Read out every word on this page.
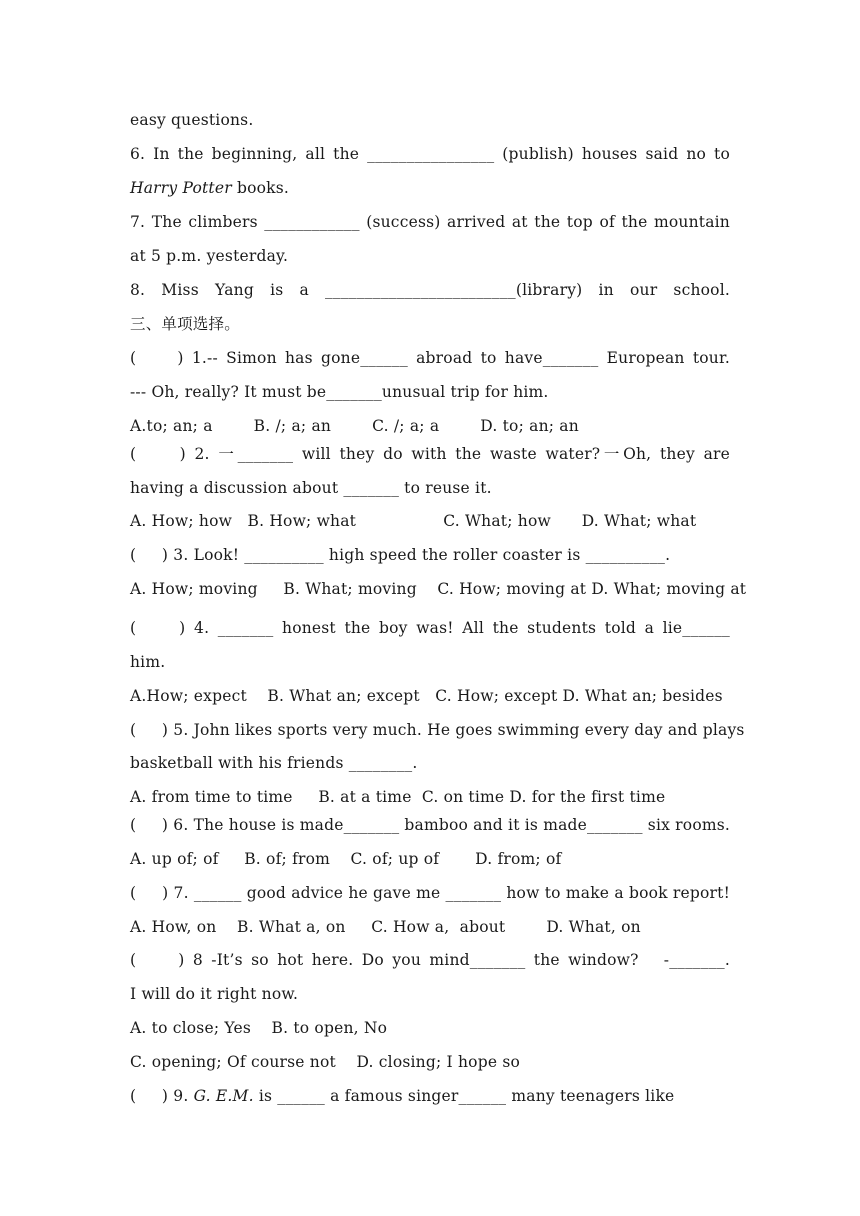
easy questions.
6. In the beginning, all the ________________ (publish) houses said no to
Harry Potter books.
7. The climbers ____________ (success) arrived at the top of the mountain
at 5 p.m. yesterday.
8. Miss Yang is a ________________________(library) in our school.
三、单项选择。
(     ) 1.-- Simon has gone______ abroad to have_______ European tour.
--- Oh, really? It must be_______unusual trip for him.
A.to; an; a        B. /; a; an        C. /; a; a        D. to; an; an
(     ) 2. 一_______ will they do with the waste water?一Oh, they are
having a discussion about _______ to reuse it.
A. How; how   B. How; what                 C. What; how      D. What; what
(     ) 3. Look! __________ high speed the roller coaster is __________.
A. How; moving     B. What; moving    C. How; moving at D. What; moving at
(     ) 4. _______ honest the boy was! All the students told a lie______
him.
A.How; expect    B. What an; except   C. How; except D. What an; besides
(     ) 5. John likes sports very much. He goes swimming every day and plays
basketball with his friends ________.
A. from time to time     B. at a time  C. on time D. for the first time
(     ) 6. The house is made_______ bamboo and it is made_______ six rooms.
A. up of; of     B. of; from    C. of; up of       D. from; of
(     ) 7. ______ good advice he gave me _______ how to make a book report!
A. How, on    B. What a, on     C. How a,  about        D. What, on
(     ) 8 -It’s so hot here. Do you mind_______ the window?   -_______.
I will do it right now.
A. to close; Yes    B. to open, No
C. opening; Of course not    D. closing; I hope so
(     ) 9. G. E.M. is ______ a famous singer______ many teenagers like
